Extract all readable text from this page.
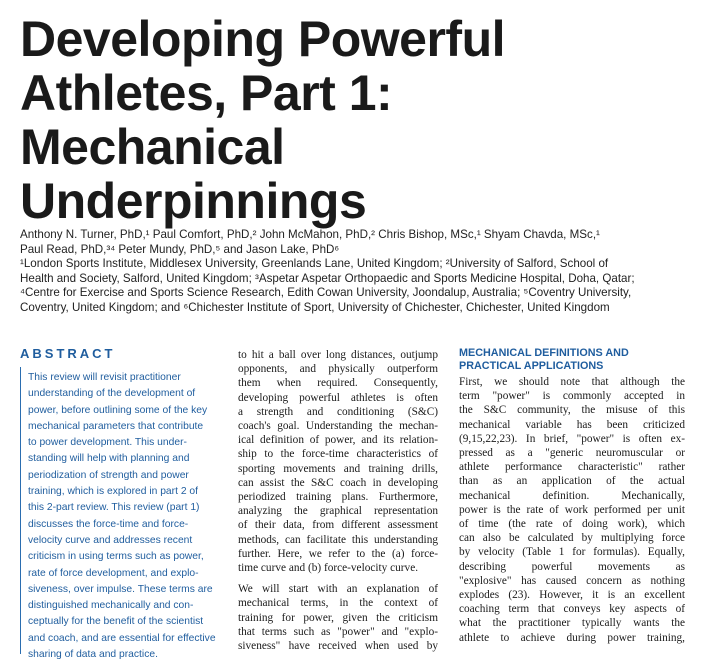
Developing Powerful
Athletes, Part 1:
Mechanical
Underpinnings
Anthony N. Turner, PhD,¹ Paul Comfort, PhD,² John McMahon, PhD,² Chris Bishop, MSc,¹ Shyam Chavda, MSc,¹
Paul Read, PhD,³⁴ Peter Mundy, PhD,⁵ and Jason Lake, PhD⁶
¹London Sports Institute, Middlesex University, Greenlands Lane, United Kingdom; ²University of Salford, School of
Health and Society, Salford, United Kingdom; ³Aspetar Aspetar Orthopaedic and Sports Medicine Hospital, Doha, Qatar;
⁴Centre for Exercise and Sports Science Research, Edith Cowan University, Joondalup, Australia; ⁵Coventry University,
Coventry, United Kingdom; and ⁶Chichester Institute of Sport, University of Chichester, Chichester, United Kingdom
ABSTRACT
This review will revisit practitioner
understanding of the development of
power, before outlining some of the key
mechanical parameters that contribute
to power development. This under-
standing will help with planning and
periodization of strength and power
training, which is explored in part 2 of
this 2-part review. This review (part 1)
discusses the force-time and force-
velocity curve and addresses recent
criticism in using terms such as power,
rate of force development, and explo-
siveness, over impulse. These terms are
distinguished mechanically and con-
ceptually for the benefit of the scientist
and coach, and are essential for effective
sharing of data and practice.
to hit a ball over long distances, outjump
opponents, and physically outperform
them when required. Consequently,
developing powerful athletes is often
a strength and conditioning (S&C)
coach's goal. Understanding the mechan-
ical definition of power, and its relation-
ship to the force-time characteristics of
sporting movements and training drills,
can assist the S&C coach in developing
periodized training plans. Furthermore,
analyzing the graphical representation
of their data, from different assessment
methods, can facilitate this understanding
further. Here, we refer to the (a) force-
time curve and (b) force-velocity curve.
We will start with an explanation of
mechanical terms, in the context of
training for power, given the criticism
that terms such as "power" and "explo-
siveness" have received when used by
MECHANICAL DEFINITIONS AND
PRACTICAL APPLICATIONS
First, we should note that although the
term "power" is commonly accepted in
the S&C community, the misuse of this
mechanical variable has been criticized
(9,15,22,23). In brief, "power" is often ex-
pressed as a "generic neuromuscular or
athlete performance characteristic" rather
than as an application of the actual
mechanical definition. Mechanically,
power is the rate of work performed per unit
of time (the rate of doing work), which
can also be calculated by multiplying force
by velocity (Table 1 for formulas). Equally,
describing powerful movements as
"explosive" has caused concern as nothing
explodes (23). However, it is an excellent
coaching term that conveys key aspects of
what the practitioner typically wants the
athlete to achieve during power training,
